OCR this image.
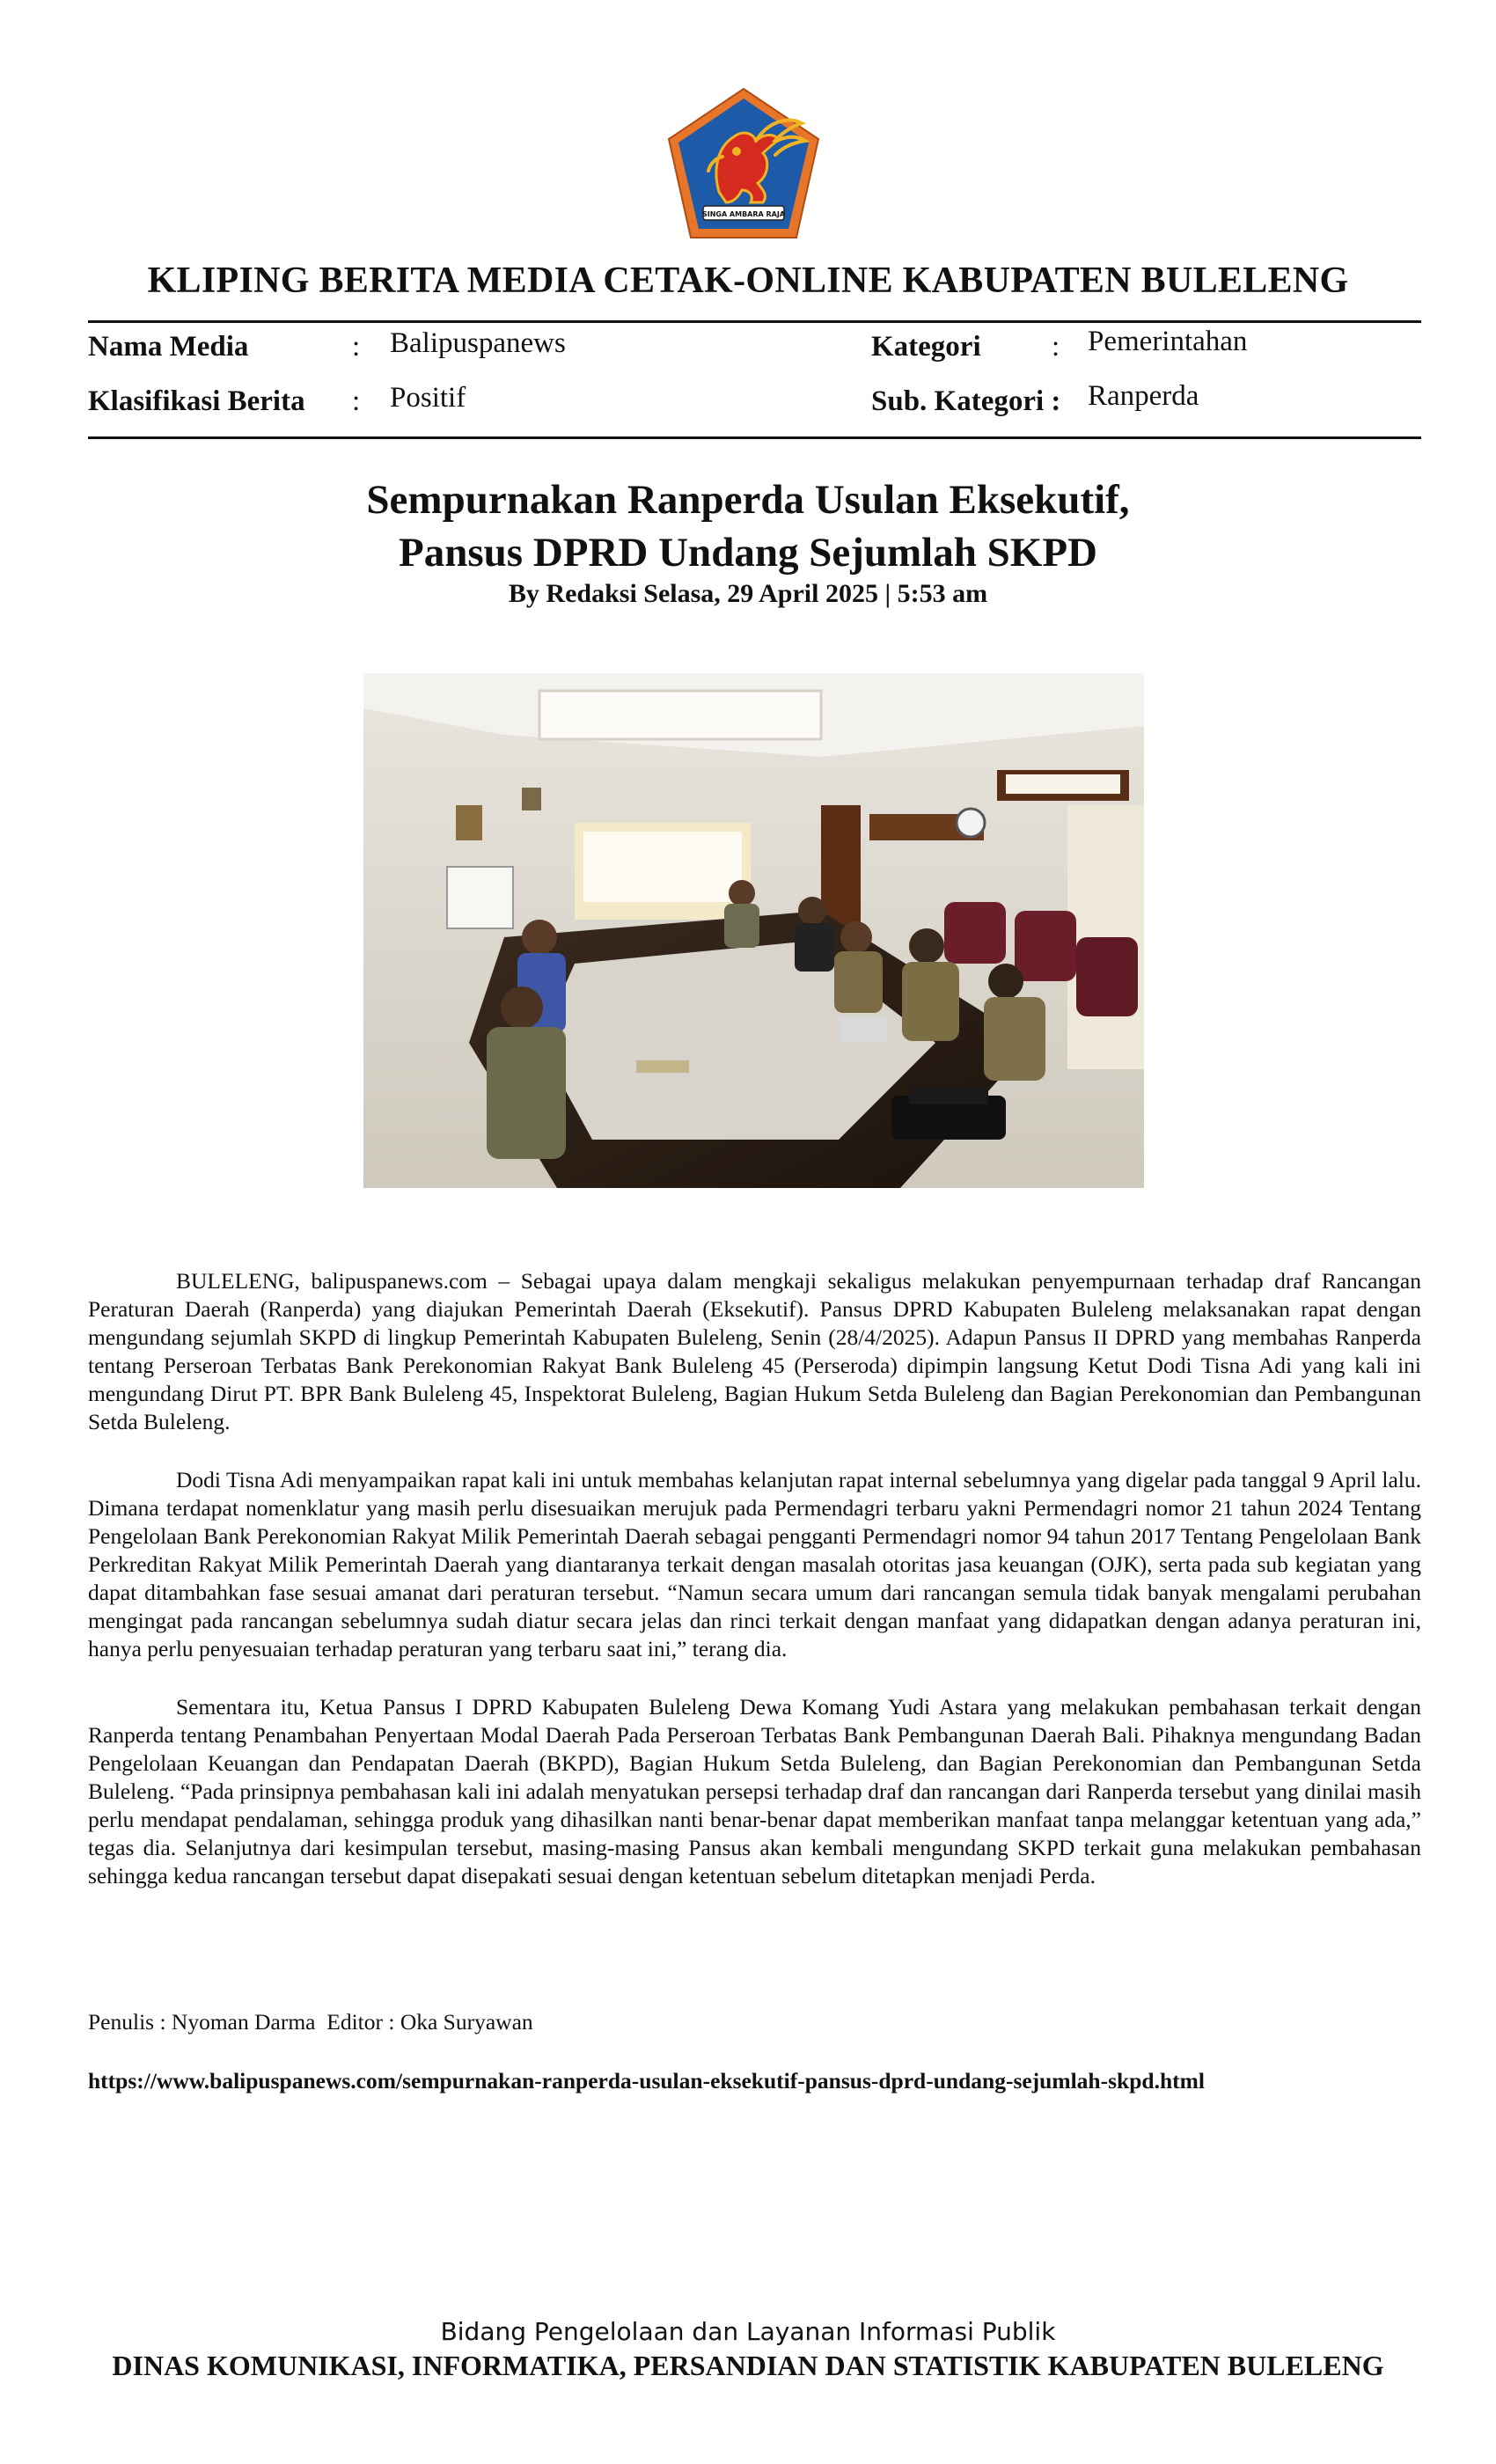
SINGA AMBARA RAJA
KLIPING BERITA MEDIA CETAK-ONLINE KABUPATEN BULELENG
Nama Media	: Balipuspanews	Kategori : Pemerintahan
Klasifikasi Berita : Positif	Sub. Kategori : Ranperda
Sempurnakan Ranperda Usulan Eksekutif,
Pansus DPRD Undang Sejumlah SKPD
By Redaksi Selasa, 29 April 2025 | 5:53 am

BULELENG, balipuspanews.com – Sebagai upaya dalam mengkaji sekaligus melakukan penyempurnaan terhadap draf Rancangan Peraturan Daerah (Ranperda) yang diajukan Pemerintah Daerah (Eksekutif). Pansus DPRD Kabupaten Buleleng melaksanakan rapat dengan mengundang sejumlah SKPD di lingkup Pemerintah Kabupaten Buleleng, Senin (28/4/2025). Adapun Pansus II DPRD yang membahas Ranperda tentang Perseroan Terbatas Bank Perekonomian Rakyat Bank Buleleng 45 (Perseroda) dipimpin langsung Ketut Dodi Tisna Adi yang kali ini mengundang Dirut PT. BPR Bank Buleleng 45, Inspektorat Buleleng, Bagian Hukum Setda Buleleng dan Bagian Perekonomian dan Pembangunan Setda Buleleng.

Dodi Tisna Adi menyampaikan rapat kali ini untuk membahas kelanjutan rapat internal sebelumnya yang digelar pada tanggal 9 April lalu. Dimana terdapat nomenklatur yang masih perlu disesuaikan merujuk pada Permendagri terbaru yakni Permendagri nomor 21 tahun 2024 Tentang Pengelolaan Bank Perekonomian Rakyat Milik Pemerintah Daerah sebagai pengganti Permendagri nomor 94 tahun 2017 Tentang Pengelolaan Bank Perkreditan Rakyat Milik Pemerintah Daerah yang diantaranya terkait dengan masalah otoritas jasa keuangan (OJK), serta pada sub kegiatan yang dapat ditambahkan fase sesuai amanat dari peraturan tersebut. “Namun secara umum dari rancangan semula tidak banyak mengalami perubahan mengingat pada rancangan sebelumnya sudah diatur secara jelas dan rinci terkait dengan manfaat yang didapatkan dengan adanya peraturan ini, hanya perlu penyesuaian terhadap peraturan yang terbaru saat ini,” terang dia.

Sementara itu, Ketua Pansus I DPRD Kabupaten Buleleng Dewa Komang Yudi Astara yang melakukan pembahasan terkait dengan Ranperda tentang Penambahan Penyertaan Modal Daerah Pada Perseroan Terbatas Bank Pembangunan Daerah Bali. Pihaknya mengundang Badan Pengelolaan Keuangan dan Pendapatan Daerah (BKPD), Bagian Hukum Setda Buleleng, dan Bagian Perekonomian dan Pembangunan Setda Buleleng. “Pada prinsipnya pembahasan kali ini adalah menyatukan persepsi terhadap draf dan rancangan dari Ranperda tersebut yang dinilai masih perlu mendapat pendalaman, sehingga produk yang dihasilkan nanti benar-benar dapat memberikan manfaat tanpa melanggar ketentuan yang ada,” tegas dia. Selanjutnya dari kesimpulan tersebut, masing-masing Pansus akan kembali mengundang SKPD terkait guna melakukan pembahasan sehingga kedua rancangan tersebut dapat disepakati sesuai dengan ketentuan sebelum ditetapkan menjadi Perda.

Penulis : Nyoman Darma  Editor : Oka Suryawan
https://www.balipuspanews.com/sempurnakan-ranperda-usulan-eksekutif-pansus-dprd-undang-sejumlah-skpd.html
Bidang Pengelolaan dan Layanan Informasi Publik
DINAS KOMUNIKASI, INFORMATIKA, PERSANDIAN DAN STATISTIK KABUPATEN BULELENG
